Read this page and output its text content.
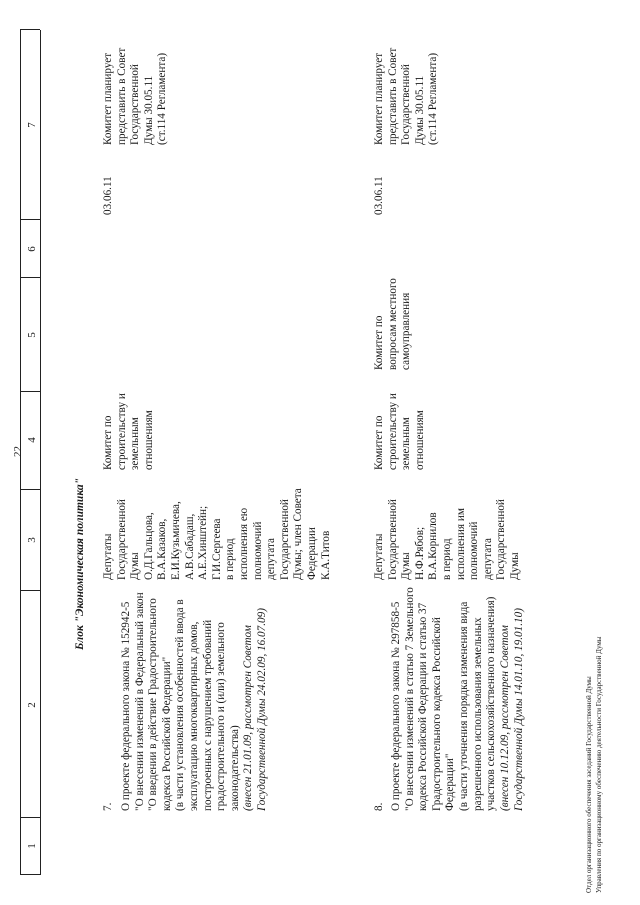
22
1
2
3
4
5
6
7
Блок "Экономическая политика"
7. О проекте федерального закона № 152942-5
"О внесении изменений в Федеральный закон
"О введении в действие Градостроительного
кодекса Российской Федерации"
(в части установления особенностей ввода в
эксплуатацию многоквартирных домов,
построенных с нарушением требований
градостроительного и (или) земельного
законодательства) (внесен 21.01.09, рассмотрен Советом
Государственной Думы 24.02.09, 16.07.09)
Депутаты
Государственной
Думы
О.Д.Гальцова,
В.А.Казаков,
Е.И.Кузьмичева,
А.В.Сабадаш,
А.Е.Хинштейн;
Г.И.Сергеева
в период
исполнения ею
полномочий
депутата
Государственной
Думы; член Совета
Федерации
К.А.Титов
Комитет по
строительству и
земельным
отношениям
03.06.11
Комитет планирует
представить в Совет
Государственной
Думы 30.05.11
(ст.114 Регламента)
8. О проекте федерального закона № 297858-5
"О внесении изменений в статью 7 Земельного
кодекса Российской Федерации и статью 37
Градостроительного кодекса Российской
Федерации"
(в части уточнения порядка изменения вида
разрешенного использования земельных
участков сельскохозяйственного назначения)
(внесен 10.12.09, рассмотрен Советом
Государственной Думы 14.01.10, 19.01.10)
Депутаты
Государственной
Думы
Н.Ф.Рябов;
В.А.Корнилов
в период
исполнения им
полномочий
депутата
Государственной
Думы
Комитет по
строительству и
земельным
отношениям
Комитет по
вопросам местного
самоуправления
03.06.11
Комитет планирует
представить в Совет
Государственной
Думы 30.05.11
(ст.114 Регламента)
Отдел организационного обеспечения заседаний Государственной Думы Управления по организационному обеспечению деятельности Государственной Думы
